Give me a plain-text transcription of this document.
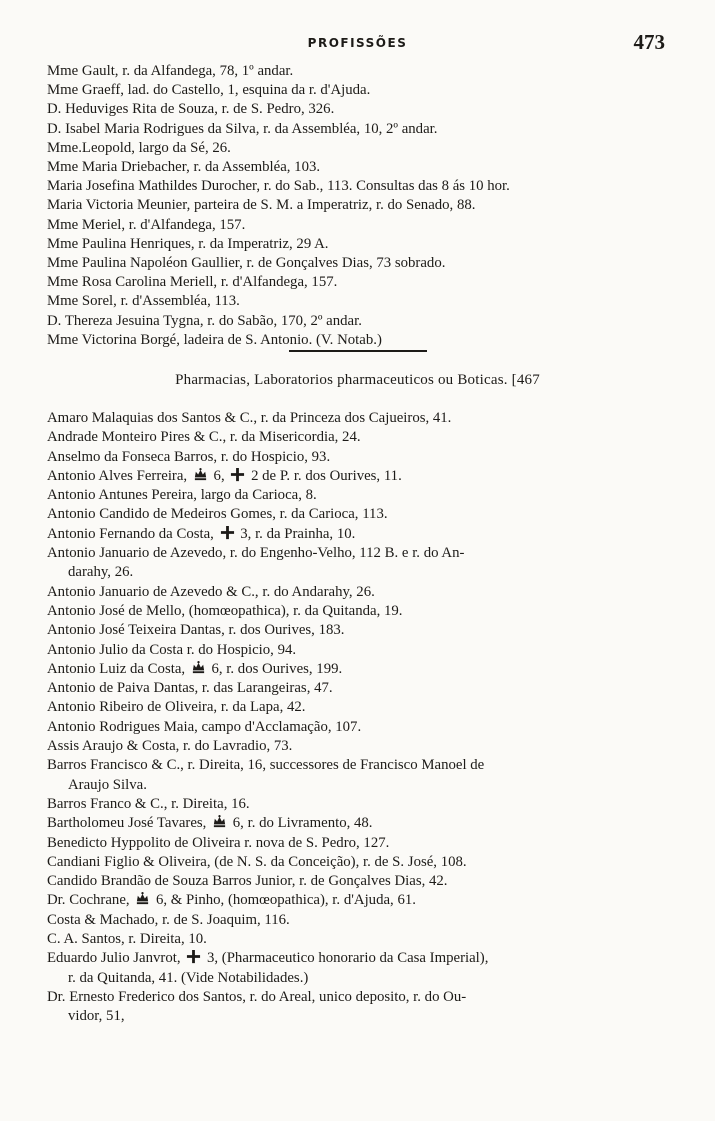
PROFISSÕES	473
Mme Gault, r. da Alfandega, 78, 1º andar.
Mme Graeff, lad. do Castello, 1, esquina da r. d'Ajuda.
D. Heduviges Rita de Souza, r. de S. Pedro, 326.
D. Isabel Maria Rodrigues da Silva, r. da Assembléa, 10, 2º andar.
Mme.Leopold, largo da Sé, 26.
Mme Maria Driebacher, r. da Assembléa, 103.
Maria Josefina Mathildes Durocher, r. do Sab., 113. Consultas das 8 ás 10 hor.
Maria Victoria Meunier, parteira de S. M. a Imperatriz, r. do Senado, 88.
Mme Meriel, r. d'Alfandega, 157.
Mme Paulina Henriques, r. da Imperatriz, 29 A.
Mme Paulina Napoléon Gaullier, r. de Gonçalves Dias, 73 sobrado.
Mme Rosa Carolina Meriell, r. d'Alfandega, 157.
Mme Sorel, r. d'Assembléa, 113.
D. Thereza Jesuina Tygna, r. do Sabão, 170, 2º andar.
Mme Victorina Borgé, ladeira de S. Antonio. (V. Notab.)
Pharmacias, Laboratorios pharmaceuticos ou Boticas. [467
Amaro Malaquias dos Santos & C., r. da Princeza dos Cajueiros, 41.
Andrade Monteiro Pires & C., r. da Misericordia, 24.
Anselmo da Fonseca Barros, r. do Hospicio, 93.
Antonio Alves Ferreira, 6, 2 de P. r. dos Ourives, 11.
Antonio Antunes Pereira, largo da Carioca, 8.
Antonio Candido de Medeiros Gomes, r. da Carioca, 113.
Antonio Fernando da Costa, 3, r. da Prainha, 10.
Antonio Januario de Azevedo, r. do Engenho-Velho, 112 B. e r. do An-
darahy, 26.
Antonio Januario de Azevedo & C., r. do Andarahy, 26.
Antonio José de Mello, (homœopathica), r. da Quitanda, 19.
Antonio José Teixeira Dantas, r. dos Ourives, 183.
Antonio Julio da Costa r. do Hospicio, 94.
Antonio Luiz da Costa, 6, r. dos Ourives, 199.
Antonio de Paiva Dantas, r. das Larangeiras, 47.
Antonio Ribeiro de Oliveira, r. da Lapa, 42.
Antonio Rodrigues Maia, campo d'Acclamação, 107.
Assis Araujo & Costa, r. do Lavradio, 73.
Barros Francisco & C., r. Direita, 16, successores de Francisco Manoel de
Araujo Silva.
Barros Franco & C., r. Direita, 16.
Bartholomeu José Tavares, 6, r. do Livramento, 48.
Benedicto Hyppolito de Oliveira r. nova de S. Pedro, 127.
Candiani Figlio & Oliveira, (de N. S. da Conceição), r. de S. José, 108.
Candido Brandão de Souza Barros Junior, r. de Gonçalves Dias, 42.
Dr. Cochrane, 6, & Pinho, (homœopathica), r. d'Ajuda, 61.
Costa & Machado, r. de S. Joaquim, 116.
C. A. Santos, r. Direita, 10.
Eduardo Julio Janvrot, 3, (Pharmaceutico honorario da Casa Imperial),
r. da Quitanda, 41. (Vide Notabilidades.)
Dr. Ernesto Frederico dos Santos, r. do Areal, unico deposito, r. do Ou-
vidor, 51,
